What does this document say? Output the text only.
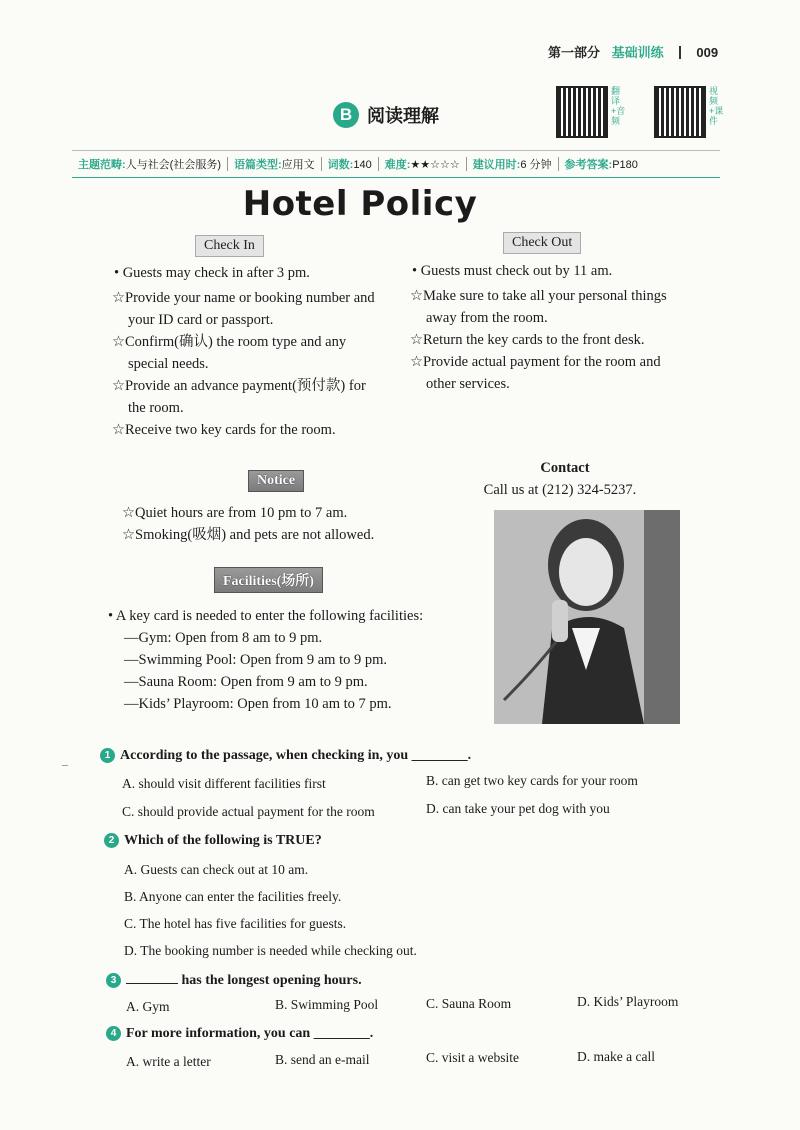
第一部分 基础训练	009
B 阅读理解
翻译+音频
视频+课件
主题范畴:人与社会(社会服务)	语篇类型:应用文	词数:140	难度:★★☆☆☆	建议用时:6 分钟	参考答案:P180
Hotel Policy
Check In
• Guests may check in after 3 pm.
☆Provide your name or booking number and
your ID card or passport.
☆Confirm(确认) the room type and any
special needs.
☆Provide an advance payment(预付款) for
the room.
☆Receive two key cards for the room.
Check Out
• Guests must check out by 11 am.
☆Make sure to take all your personal things
away from the room.
☆Return the key cards to the front desk.
☆Provide actual payment for the room and
other services.
Notice
☆Quiet hours are from 10 pm to 7 am.
☆Smoking(吸烟) and pets are not allowed.
Contact
Call us at (212) 324-5237.
Facilities(场所)
• A key card is needed to enter the following facilities:
—Gym: Open from 8 am to 9 pm.
—Swimming Pool: Open from 9 am to 9 pm.
—Sauna Room: Open from 9 am to 9 pm.
—Kids’ Playroom: Open from 10 am to 7 pm.
–
1 According to the passage, when checking in, you ________.
A. should visit different facilities first	B. can get two key cards for your room
C. should provide actual payment for the room	D. can take your pet dog with you
2 Which of the following is TRUE?
A. Guests can check out at 10 am.
B. Anyone can enter the facilities freely.
C. The hotel has five facilities for guests.
D. The booking number is needed while checking out.
3	has the longest opening hours.
A. Gym	B. Swimming Pool	C. Sauna Room	D. Kids’ Playroom
4 For more information, you can ________.
A. write a letter	B. send an e-mail	C. visit a website	D. make a call
